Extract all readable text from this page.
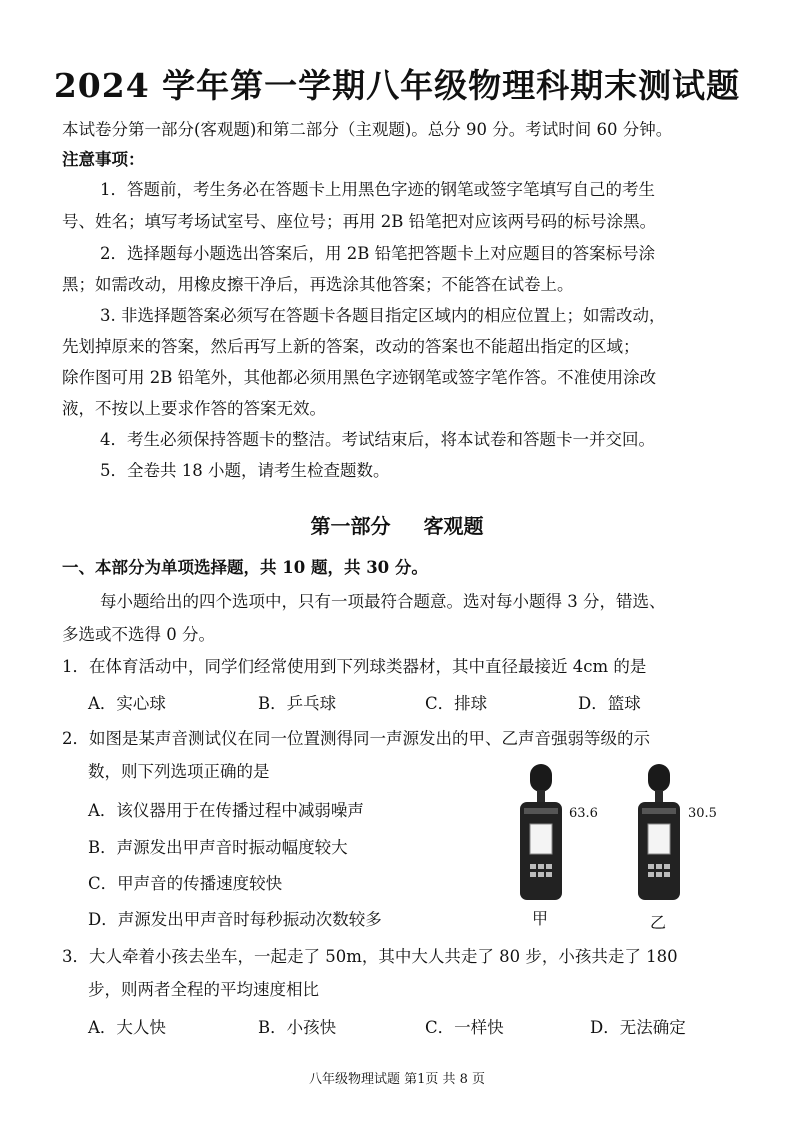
2024 学年第一学期八年级物理科期末测试题
本试卷分第一部分(客观题)和第二部分（主观题)。总分 90 分。考试时间 60 分钟。
注意事项：
1．答题前，考生务必在答题卡上用黑色字迹的钢笔或签字笔填写自己的考生
号、姓名；填写考场试室号、座位号；再用 2B 铅笔把对应该两号码的标号涂黑。
2．选择题每小题选出答案后，用 2B 铅笔把答题卡上对应题目的答案标号涂
黑；如需改动，用橡皮擦干净后，再选涂其他答案；不能答在试卷上。
3. 非选择题答案必须写在答题卡各题目指定区域内的相应位置上；如需改动，
先划掉原来的答案，然后再写上新的答案，改动的答案也不能超出指定的区域；
除作图可用 2B 铅笔外，其他都必须用黑色字迹钢笔或签字笔作答。不准使用涂改
液，不按以上要求作答的答案无效。
4．考生必须保持答题卡的整洁。考试结束后，将本试卷和答题卡一并交回。
5．全卷共 18 小题，请考生检查题数。
第一部分 客观题
一、本部分为单项选择题，共 10 题，共 30 分。
每小题给出的四个选项中，只有一项最符合题意。选对每小题得 3 分，错选、
多选或不选得 0 分。
1．在体育活动中，同学们经常使用到下列球类器材，其中直径最接近 4cm 的是
A．实心球	B．乒乓球	C．排球	D．篮球
2．如图是某声音测试仪在同一位置测得同一声源发出的甲、乙声音强弱等级的示
数，则下列选项正确的是
A．该仪器用于在传播过程中减弱噪声
B．声源发出甲声音时振动幅度较大
C．甲声音的传播速度较快
D．声源发出甲声音时每秒振动次数较多
63.6
甲
30.5
乙
3．大人牵着小孩去坐车，一起走了 50m，其中大人共走了 80 步，小孩共走了 180
步，则两者全程的平均速度相比
A．大人快	B．小孩快	C．一样快	D．无法确定
八年级物理试题 第1页 共 8 页
